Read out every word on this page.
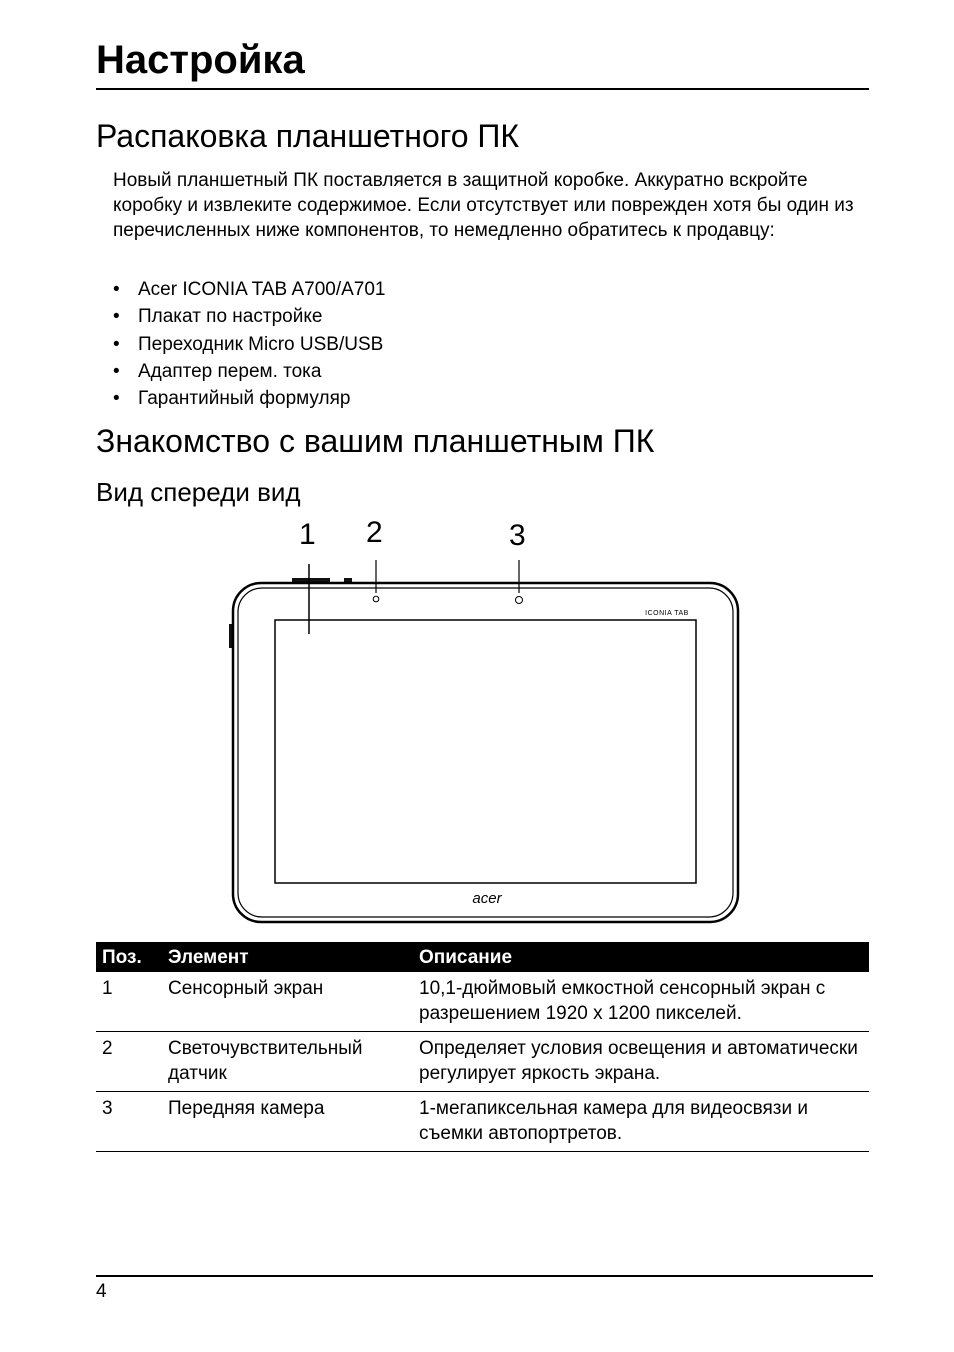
Настройка
Распаковка планшетного ПК

Новый планшетный ПК поставляется в защитной коробке. Аккуратно вскройте коробку и извлеките содержимое. Если отсутствует или поврежден хотя бы один из перечисленных ниже компонентов, то немедленно обратитесь к продавцу:

• Acer ICONIA TAB A700/A701
• Плакат по настройке
• Переходник Micro USB/USB
• Адаптер перем. тока
• Гарантийный формуляр
Знакомство с вашим планшетным ПК
Вид спереди вид
1 2	3
ICONIA TAB
acer
Поз.	Элемент	Описание
1	Сенсорный экран	10,1-дюймовый емкостной сенсорный экран с разрешением 1920 x 1200 пикселей.
2	Светочувствительный датчик	Определяет условия освещения и автоматически регулирует яркость экрана.
3	Передняя камера	1-мегапиксельная камера для видеосвязи и съемки автопортретов.
4
